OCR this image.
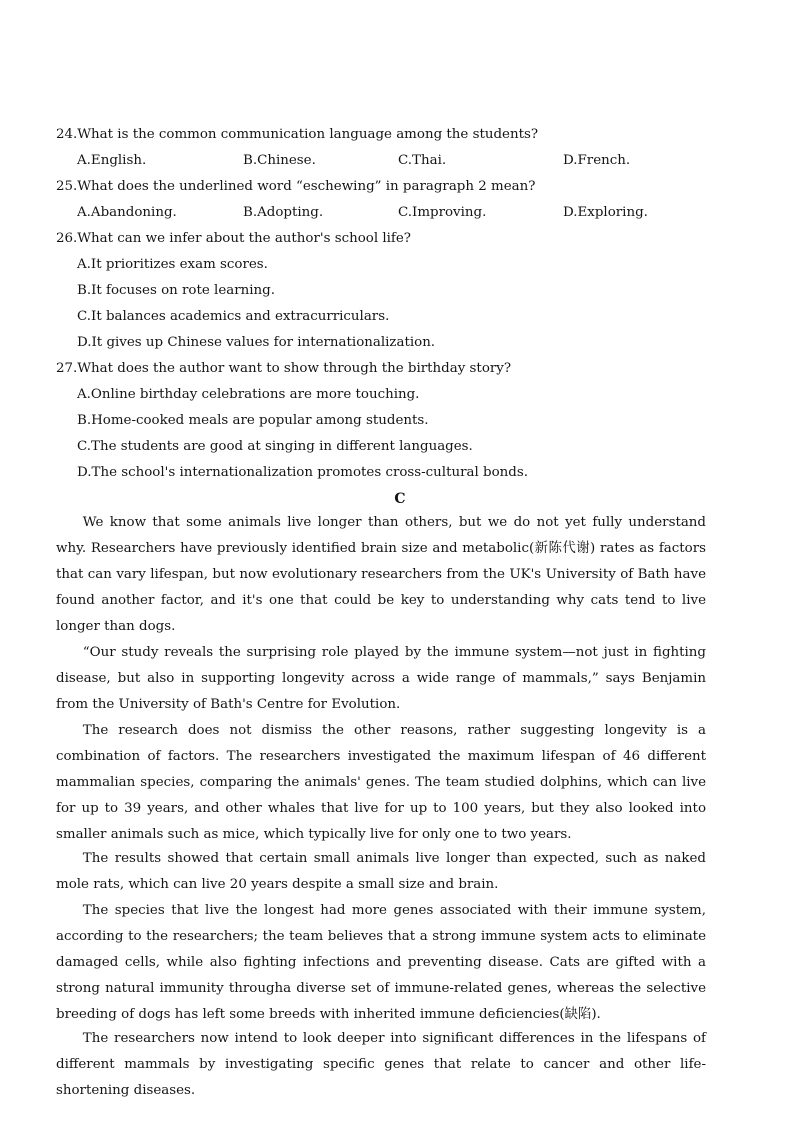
24.What is the common communication language among the students?
A.English.	B.Chinese.	C.Thai.	D.French.
25.What does the underlined word “eschewing” in paragraph 2 mean?
A.Abandoning.	B.Adopting.	C.Improving.	D.Exploring.
26.What can we infer about the author's school life?
A.It prioritizes exam scores.
B.It focuses on rote learning.
C.It balances academics and extracurriculars.
D.It gives up Chinese values for internationalization.
27.What does the author want to show through the birthday story?
A.Online birthday celebrations are more touching.
B.Home-cooked meals are popular among students.
C.The students are good at singing in different languages.
D.The school's internationalization promotes cross-cultural bonds.
C
We know that some animals live longer than others, but we do not yet fully understand why. Researchers have previously identified brain size and metabolic(新陈代谢) rates as factors that can vary lifespan, but now evolutionary researchers from the UK's University of Bath have found another factor, and it's one that could be key to understanding why cats tend to live longer than dogs.
“Our study reveals the surprising role played by the immune system—not just in fighting disease, but also in supporting longevity across a wide range of mammals,” says Benjamin from the University of Bath's Centre for Evolution.
The research does not dismiss the other reasons, rather suggesting longevity is a combination of factors. The researchers investigated the maximum lifespan of 46 different mammalian species, comparing the animals' genes. The team studied dolphins, which can live for up to 39 years, and other whales that live for up to 100 years, but they also looked into smaller animals such as mice, which typically live for only one to two years.
The results showed that certain small animals live longer than expected, such as naked mole rats, which can live 20 years despite a small size and brain.
The species that live the longest had more genes associated with their immune system, according to the researchers; the team believes that a strong immune system acts to eliminate damaged cells, while also fighting infections and preventing disease. Cats are gifted with a strong natural immunity througha diverse set of immune-related genes, whereas the selective breeding of dogs has left some breeds with inherited immune deficiencies(缺陷).
The researchers now intend to look deeper into significant differences in the lifespans of different mammals by investigating specific genes that relate to cancer and other life-shortening diseases.
